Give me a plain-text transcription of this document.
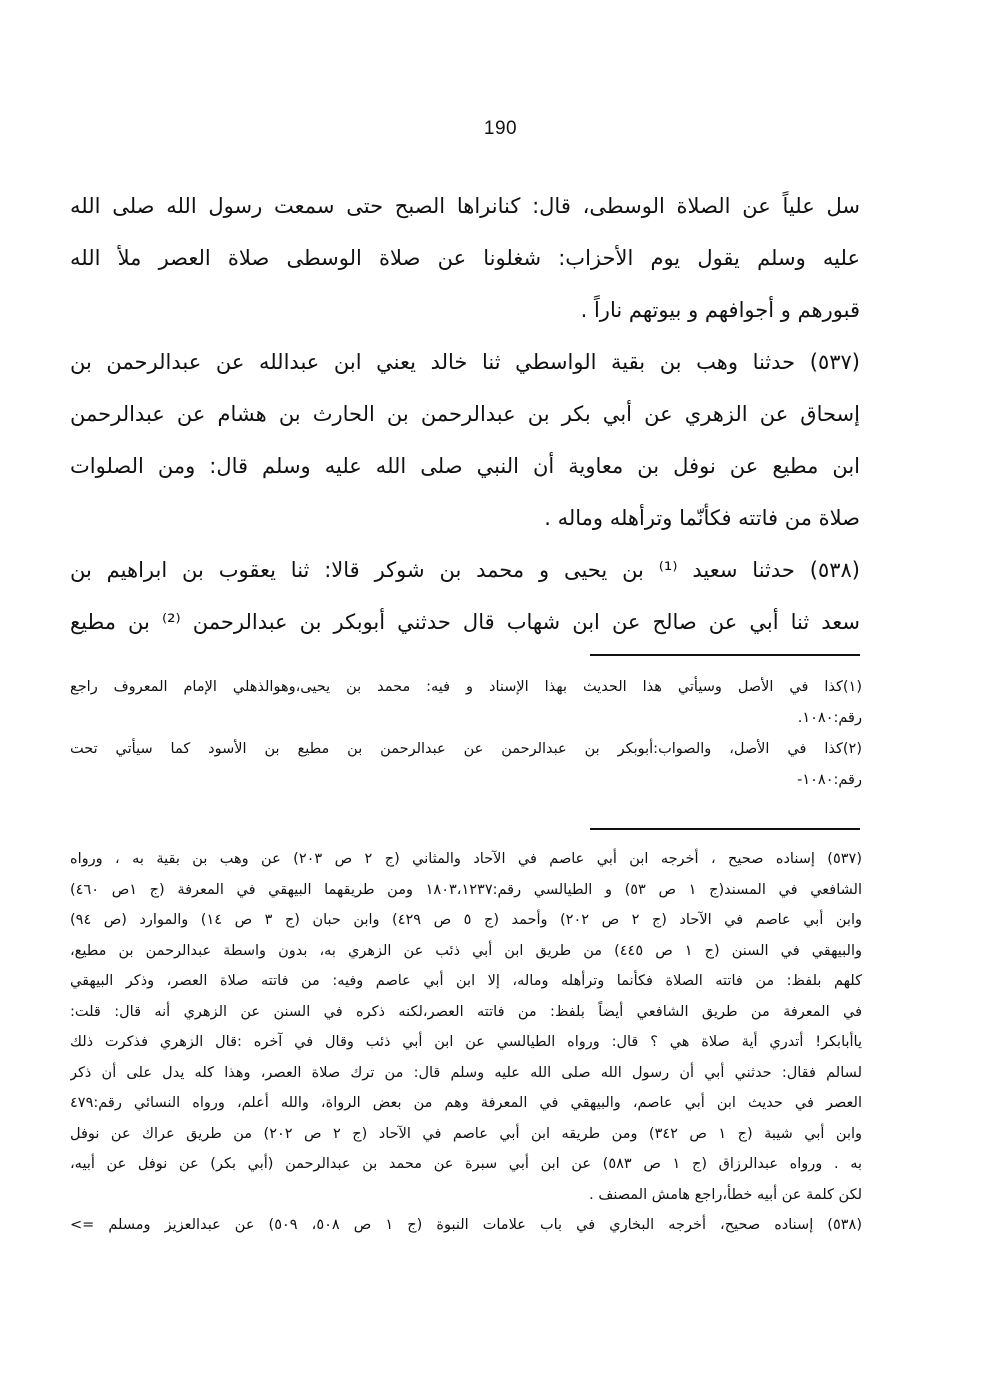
190
سل علياً عن الصلاة الوسطى، قال: كنانراها الصبح حتى سمعت رسول الله صلى الله
عليه وسلم يقول يوم الأحزاب: شغلونا عن صلاة الوسطى صلاة العصر ملأ الله
قبورهم و أجوافهم و بيوتهم ناراً .
(٥٣٧) حدثنا وهب بن بقية الواسطي ثنا خالد يعني ابن عبدالله عن عبدالرحمن بن
إسحاق عن الزهري عن أبي بكر بن عبدالرحمن بن الحارث بن هشام عن عبدالرحمن
ابن مطيع عن نوفل بن معاوية أن النبي صلى الله عليه وسلم قال: ومن الصلوات
صلاة من فاتته فكأنّما وترأهله وماله .
(٥٣٨) حدثنا سعيد ⁽¹⁾ بن يحيى و محمد بن شوكر قالا: ثنا يعقوب بن ابراهيم بن
سعد ثنا أبي عن صالح عن ابن شهاب قال حدثني أبوبكر بن عبدالرحمن ⁽²⁾ بن مطيع
(١)كذا في الأصل وسيأتي هذا الحديث بهذا الإسناد و فيه: محمد بن يحيى،وهوالذهلي الإمام المعروف راجع
رقم:١٠٨٠.
(٢)كذا في الأصل، والصواب:أبوبكر بن عبدالرحمن عن عبدالرحمن بن مطيع بن الأسود كما سيأتي تحت
رقم:١٠٨٠-
(٥٣٧) إسناده صحيح ، أخرجه ابن أبي عاصم في الآحاد والمثاني (ج ٢ ص ٢٠٣) عن وهب بن بقية به ، ورواه
الشافعي في المسند(ج ١ ص ٥٣) و الطيالسي رقم:١٨٠٣،١٢٣٧ ومن طريقهما البيهقي في المعرفة (ج ١ص ٤٦٠)
وابن أبي عاصم في الآحاد (ج ٢ ص ٢٠٢) وأحمد (ج ٥ ص ٤٢٩) وابن حبان (ج ٣ ص ١٤) والموارد (ص ٩٤)
والبيهقي في السنن (ج ١ ص ٤٤٥) من طريق ابن أبي ذئب عن الزهري به، بدون واسطة عبدالرحمن بن مطيع،
كلهم بلفظ: من فاتته الصلاة فكأنما وترأهله وماله، إلا ابن أبي عاصم وفيه: من فاتته صلاة العصر، وذكر البيهقي
في المعرفة من طريق الشافعي أيضاً بلفظ: من فاتته العصر،لكنه ذكره في السنن عن الزهري أنه قال: قلت:
ياأبابكر! أتدري أية صلاة هي ؟ قال: ورواه الطيالسي عن ابن أبي ذئب وقال في آخره :قال الزهري فذكرت ذلك
لسالم فقال: حدثني أبي أن رسول الله صلى الله عليه وسلم قال: من ترك صلاة العصر، وهذا كله يدل على أن ذكر
العصر في حديث ابن أبي عاصم، والبيهقي في المعرفة وهم من بعض الرواة، والله أعلم، ورواه النسائي رقم:٤٧٩
وابن أبي شيبة (ج ١ ص ٣٤٢) ومن طريقه ابن أبي عاصم في الآحاد (ج ٢ ص ٢٠٢) من طريق عراك عن نوفل
به . ورواه عبدالرزاق (ج ١ ص ٥٨٣) عن ابن أبي سبرة عن محمد بن عبدالرحمن (أبي بكر) عن نوفل عن أبيه،
لكن كلمة عن أبيه خطأ،راجع هامش المصنف .
(٥٣٨) إسناده صحيح، أخرجه البخاري في باب علامات النبوة (ج ١ ص ٥٠٨، ٥٠٩) عن عبدالعزيز ومسلم =>
